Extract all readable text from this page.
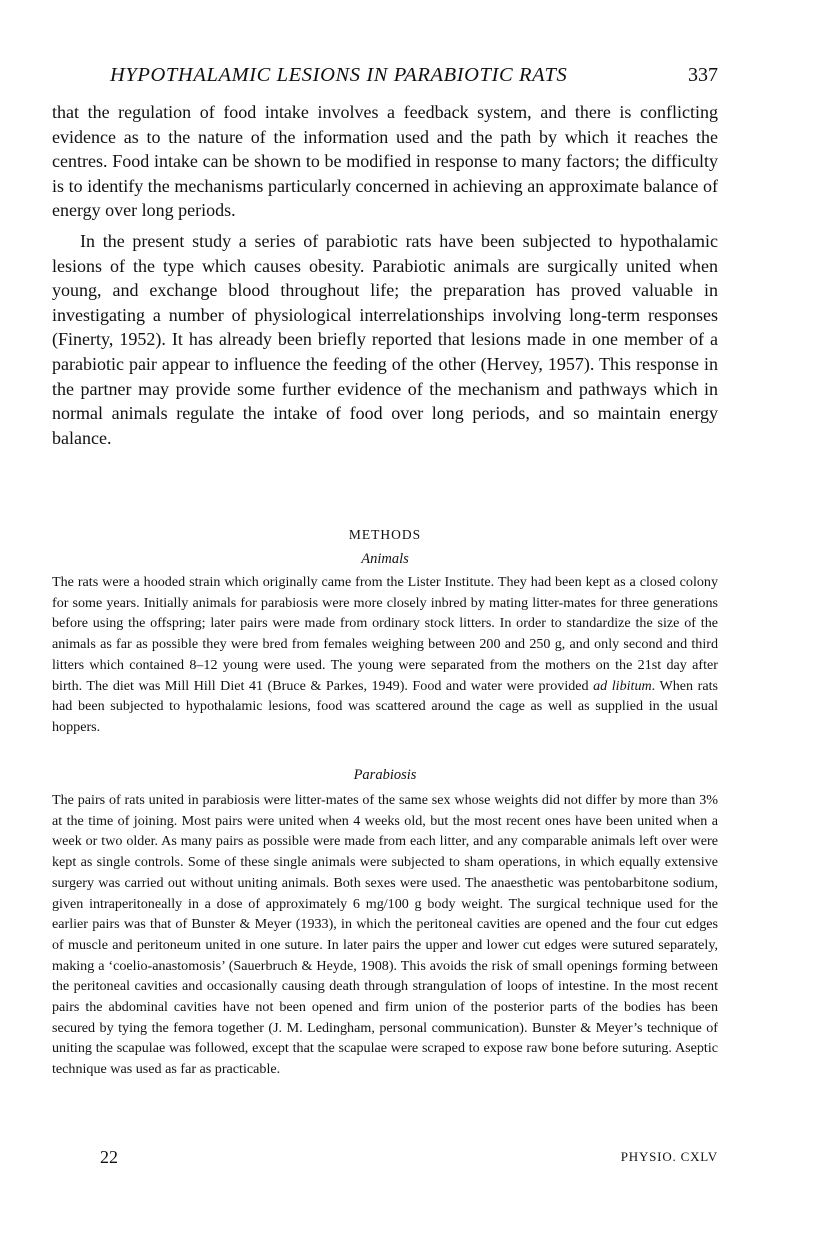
HYPOTHALAMIC LESIONS IN PARABIOTIC RATS	337

that the regulation of food intake involves a feedback system, and there is conflicting evidence as to the nature of the information used and the path by which it reaches the centres. Food intake can be shown to be modified in response to many factors; the difficulty is to identify the mechanisms particularly concerned in achieving an approximate balance of energy over long periods.

In the present study a series of parabiotic rats have been subjected to hypothalamic lesions of the type which causes obesity. Parabiotic animals are surgically united when young, and exchange blood throughout life; the preparation has proved valuable in investigating a number of physiological interrelationships involving long-term responses (Finerty, 1952). It has already been briefly reported that lesions made in one member of a parabiotic pair appear to influence the feeding of the other (Hervey, 1957). This response in the partner may provide some further evidence of the mechanism and pathways which in normal animals regulate the intake of food over long periods, and so maintain energy balance.

METHODS
Animals

The rats were a hooded strain which originally came from the Lister Institute. They had been kept as a closed colony for some years. Initially animals for parabiosis were more closely inbred by mating litter-mates for three generations before using the offspring; later pairs were made from ordinary stock litters. In order to standardize the size of the animals as far as possible they were bred from females weighing between 200 and 250 g, and only second and third litters which contained 8–12 young were used. The young were separated from the mothers on the 21st day after birth. The diet was Mill Hill Diet 41 (Bruce & Parkes, 1949). Food and water were provided ad libitum. When rats had been subjected to hypothalamic lesions, food was scattered around the cage as well as supplied in the usual hoppers.

Parabiosis

The pairs of rats united in parabiosis were litter-mates of the same sex whose weights did not differ by more than 3% at the time of joining. Most pairs were united when 4 weeks old, but the most recent ones have been united when a week or two older. As many pairs as possible were made from each litter, and any comparable animals left over were kept as single controls. Some of these single animals were subjected to sham operations, in which equally extensive surgery was carried out without uniting animals. Both sexes were used. The anaesthetic was pentobarbitone sodium, given intraperitoneally in a dose of approximately 6 mg/100 g body weight. The surgical technique used for the earlier pairs was that of Bunster & Meyer (1933), in which the peritoneal cavities are opened and the four cut edges of muscle and peritoneum united in one suture. In later pairs the upper and lower cut edges were sutured separately, making a ‘coelio-anastomosis’ (Sauerbruch & Heyde, 1908). This avoids the risk of small openings forming between the peritoneal cavities and occasionally causing death through strangulation of loops of intestine. In the most recent pairs the abdominal cavities have not been opened and firm union of the posterior parts of the bodies has been secured by tying the femora together (J. M. Ledingham, personal communication). Bunster & Meyer’s technique of uniting the scapulae was followed, except that the scapulae were scraped to expose raw bone before suturing. Aseptic technique was used as far as practicable.

22	PHYSIO. CXLV
